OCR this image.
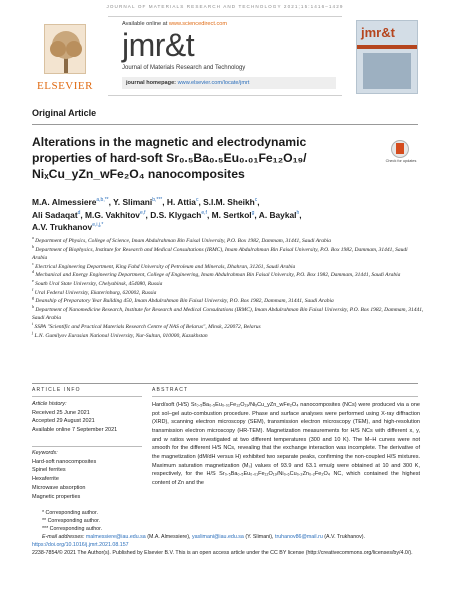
JOURNAL OF MATERIALS RESEARCH AND TECHNOLOGY 2021;15:1416–1429
ELSEVIER
Available online at www.sciencedirect.com
jmr&t
Journal of Materials Research and Technology
journal homepage: www.elsevier.com/locate/jmrt
jmr&t
Original Article
Alterations in the magnetic and electrodynamic
properties of hard-soft Sr₀.₅Ba₀.₅Eu₀.₀₁Fe₁₂O₁₉/
NiₓCu_yZn_wFe₂O₄ nanocomposites
Check for updates
M.A. Almessiere$^{a,b,**}$, Y. Slimani$^{b,***}$, H. Attia$^c$, S.I.M. Sheikh$^c$,
Ali Sadaqat$^d$, M.G. Vakhitov$^{e,f}$, D.S. Klygach$^{e,f}$, M. Sertkol$^g$, A. Baykal$^h$,
A.V. Trukhanov$^{e,i,j,*}$
$^a$ Department of Physics, College of Science, Imam Abdulrahman Bin Faisal University, P.O. Box 1982, Dammam, 31441, Saudi Arabia
$^b$ Department of Biophysics, Institute for Research and Medical Consultations (IRMC), Imam Abdulrahman Bin Faisal University, P.O. Box 1982, Dammam, 31441, Saudi Arabia
$^c$ Electrical Engineering Department, King Fahd University of Petroleum and Minerals, Dhahran, 31261, Saudi Arabia
$^d$ Mechanical and Energy Engineering Department, College of Engineering, Imam Abdulrahman Bin Faisal University, P.O. Box 1982, Dammam, 31441, Saudi Arabia
$^e$ South Ural State University, Chelyabinsk, 454080, Russia
$^f$ Ural Federal University, Ekaterinburg, 620002, Russia
$^g$ Deanship of Preparatory Year Building 450, Imam Abdulrahman Bin Faisal University, P.O. Box 1982, Dammam, 31441, Saudi Arabia
$^h$ Department of Nanomedicine Research, Institute for Research and Medical Consultations (IRMC), Imam Abdulrahman Bin Faisal University, P.O. Box 1982, Dammam, 31441, Saudi Arabia
$^i$ SSPA "Scientific and Practical Materials Research Centre of NAS of Belarus", Minsk, 220072, Belarus
$^j$ L.N. Gumilyov Eurasian National University, Nur-Sultan, 010000, Kazakhstan
ARTICLE INFO	ABSTRACT
Article history:
Received 25 June 2021
Accepted 29 August 2021
Available online 7 September 2021
Keywords:
Hard-soft nanocomposites
Spinel ferrites
Hexaferrite
Microwave absorption
Magnetic properties

Hard/soft (H/S) Sr₀.₅Ba₀.₅Eu₀.₀₁Fe₁₂O₁₉/NiₓCu_yZn_wFe₂O₄ nanocomposites (NCs) were produced via a one pot sol–gel auto-combustion procedure. Phase and surface analyses were performed using X-ray diffraction (XRD), scanning electron microscopy (SEM), transmission electron microscopy (TEM), and high-resolution transmission electron microscopy (HR-TEM). Magnetization measurements for H/S NCs with different x, y, and w ratios were investigated at two different temperatures (300 and 10 K). The M–H curves were not smooth for the different H/S NCs, revealing that the exchange interaction was incomplete. The derivative of the magnetization (dM/dH versus H) exhibited two separate peaks, confirming the non-coupled H/S mixtures. Maximum saturation magnetization (Mₛ) values of 93.9 and 63.1 emu/g were obtained at 10 and 300 K, respectively, for the H/S Sr₀.₅Ba₀.₅Eu₀.₀₁Fe₁₂O₁₉/Ni₀.₆Cu₀.₂Zn₀.₂Fe₂O₄ NC, which contained the highest content of Zn and the

* Corresponding author.
** Corresponding author.
*** Corresponding author.
E-mail addresses: malmessiere@iau.edu.sa (M.A. Almessiere), yaslimani@iau.edu.sa (Y. Slimani), truhanov86@mail.ru (A.V. Trukhanov).
https://doi.org/10.1016/j.jmrt.2021.08.157
2238-7854/© 2021 The Author(s). Published by Elsevier B.V. This is an open access article under the CC BY license (http://creativecommons.org/licenses/by/4.0/).
